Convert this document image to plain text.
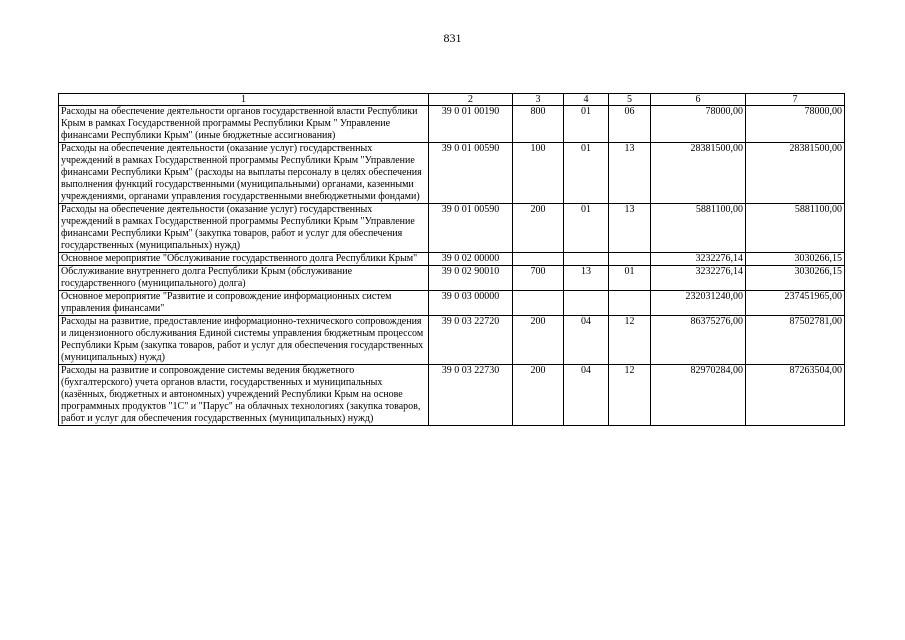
831
1	2	3	4	5	6	7
Расходы на обеспечение деятельности органов государственной власти Республики Крым в рамках Государственной программы Республики Крым " Управление финансами Республики Крым" (иные бюджетные ассигнования)	39 0 01 00190	800	01	06	78000,00	78000,00
Расходы на обеспечение деятельности (оказание услуг) государственных учреждений в рамках Государственной программы Республики Крым "Управление финансами Республики Крым" (расходы на выплаты персоналу в целях обеспечения выполнения функций государственными (муниципальными) органами, казенными учреждениями, органами управления государственными внебюджетными фондами)	39 0 01 00590	100	01	13	28381500,00	28381500,00
Расходы на обеспечение деятельности (оказание услуг) государственных учреждений в рамках Государственной программы Республики Крым "Управление финансами Республики Крым" (закупка товаров, работ и услуг для обеспечения государственных (муниципальных) нужд)	39 0 01 00590	200	01	13	5881100,00	5881100,00
Основное мероприятие "Обслуживание государственного долга Республики Крым"	39 0 02 00000				3232276,14	3030266,15
Обслуживание внутреннего долга Республики Крым (обслуживание государственного (муниципального) долга)	39 0 02 90010	700	13	01	3232276,14	3030266,15
Основное мероприятие "Развитие и сопровождение информационных систем управления финансами"	39 0 03 00000				232031240,00	237451965,00
Расходы на развитие, предоставление информационно-технического сопровождения и лицензионного обслуживания Единой системы управления бюджетным процессом Республики Крым (закупка товаров, работ и услуг для обеспечения государственных (муниципальных) нужд)	39 0 03 22720	200	04	12	86375276,00	87502781,00
Расходы на развитие и сопровождение системы ведения бюджетного (бухгалтерского) учета органов власти, государственных и муниципальных (казённых, бюджетных и автономных) учреждений Республики Крым на основе программных продуктов "1С" и "Парус" на облачных технологиях (закупка товаров, работ и услуг для обеспечения государственных (муниципальных) нужд)	39 0 03 22730	200	04	12	82970284,00	87263504,00
